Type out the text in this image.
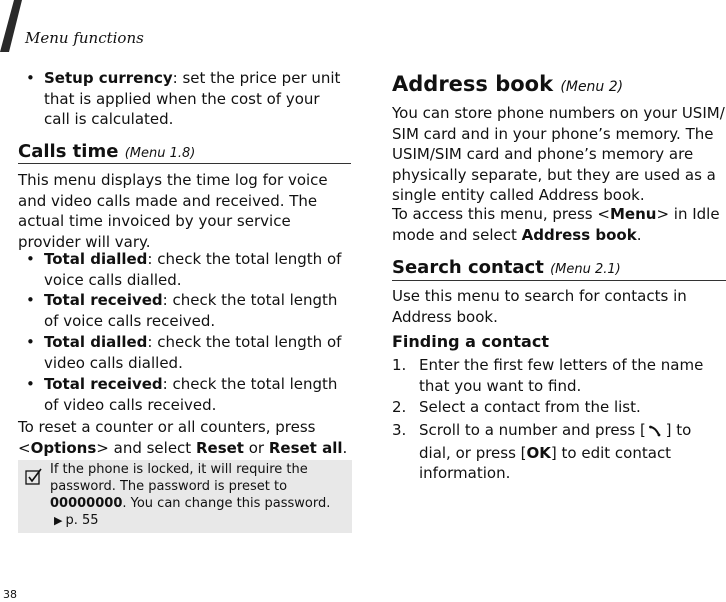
Menu functions
38
• Setup currency: set the price per unit that is applied when the cost of your call is calculated.

Calls time (Menu 1.8)

This menu displays the time log for voice and video calls made and received. The actual time invoiced by your service provider will vary.

• Total dialled: check the total length of voice calls dialled.

• Total received: check the total length of voice calls received.

• Total dialled: check the total length of video calls dialled.

• Total received: check the total length of video calls received.

To reset a counter or all counters, press <Options> and select Reset or Reset all.

If the phone is locked, it will require the password. The password is preset to 00000000. You can change this password.
▶ p. 55
Address book (Menu 2)

You can store phone numbers on your USIM/ SIM card and in your phone’s memory. The USIM/SIM card and phone’s memory are physically separate, but they are used as a single entity called Address book.

To access this menu, press <Menu> in Idle mode and select Address book.

Search contact (Menu 2.1)

Use this menu to search for contacts in Address book.

Finding a contact
1. Enter the first few letters of the name that you want to find.

2. Select a contact from the list.

3. Scroll to a number and press [ ] to dial, or press [OK] to edit contact information.
